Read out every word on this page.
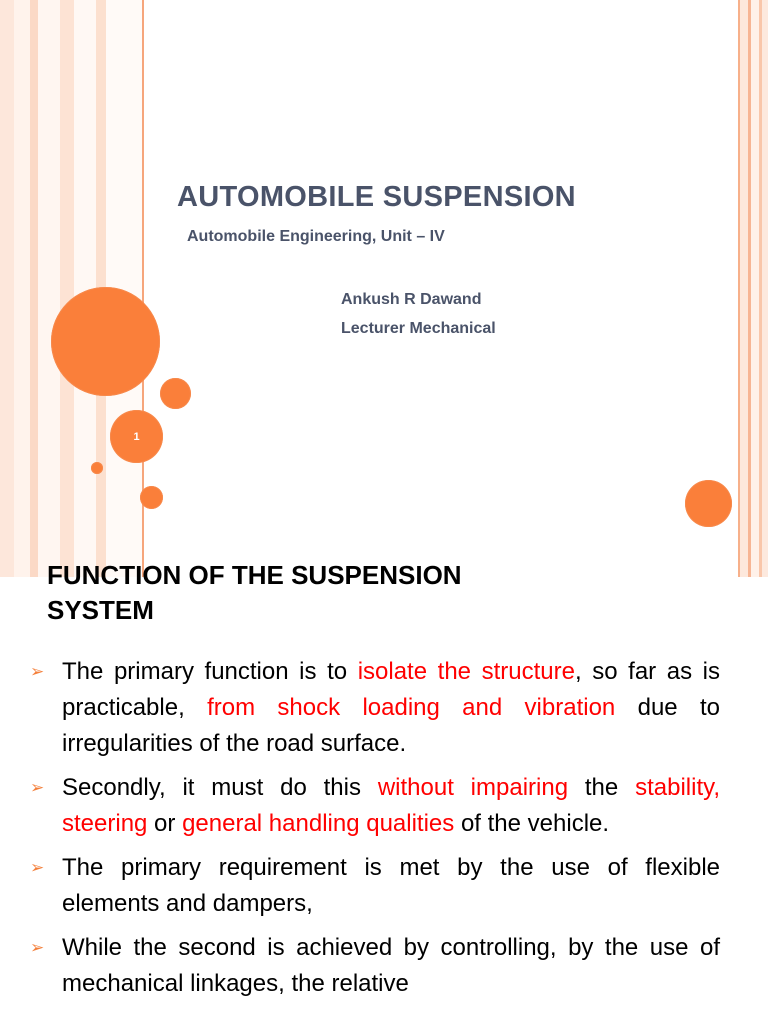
1
AUTOMOBILE SUSPENSION
Automobile Engineering, Unit – IV
Ankush R Dawand
Lecturer Mechanical
FUNCTION OF THE SUSPENSION
SYSTEM
➢ The primary function is to isolate the structure, so far as is practicable, from shock loading and vibration due to irregularities of the road surface.
➢ Secondly, it must do this without impairing the stability, steering or general handling qualities of the vehicle.
➢ The primary requirement is met by the use of flexible elements and dampers,
➢ While the second is achieved by controlling, by the use of mechanical linkages, the relative
